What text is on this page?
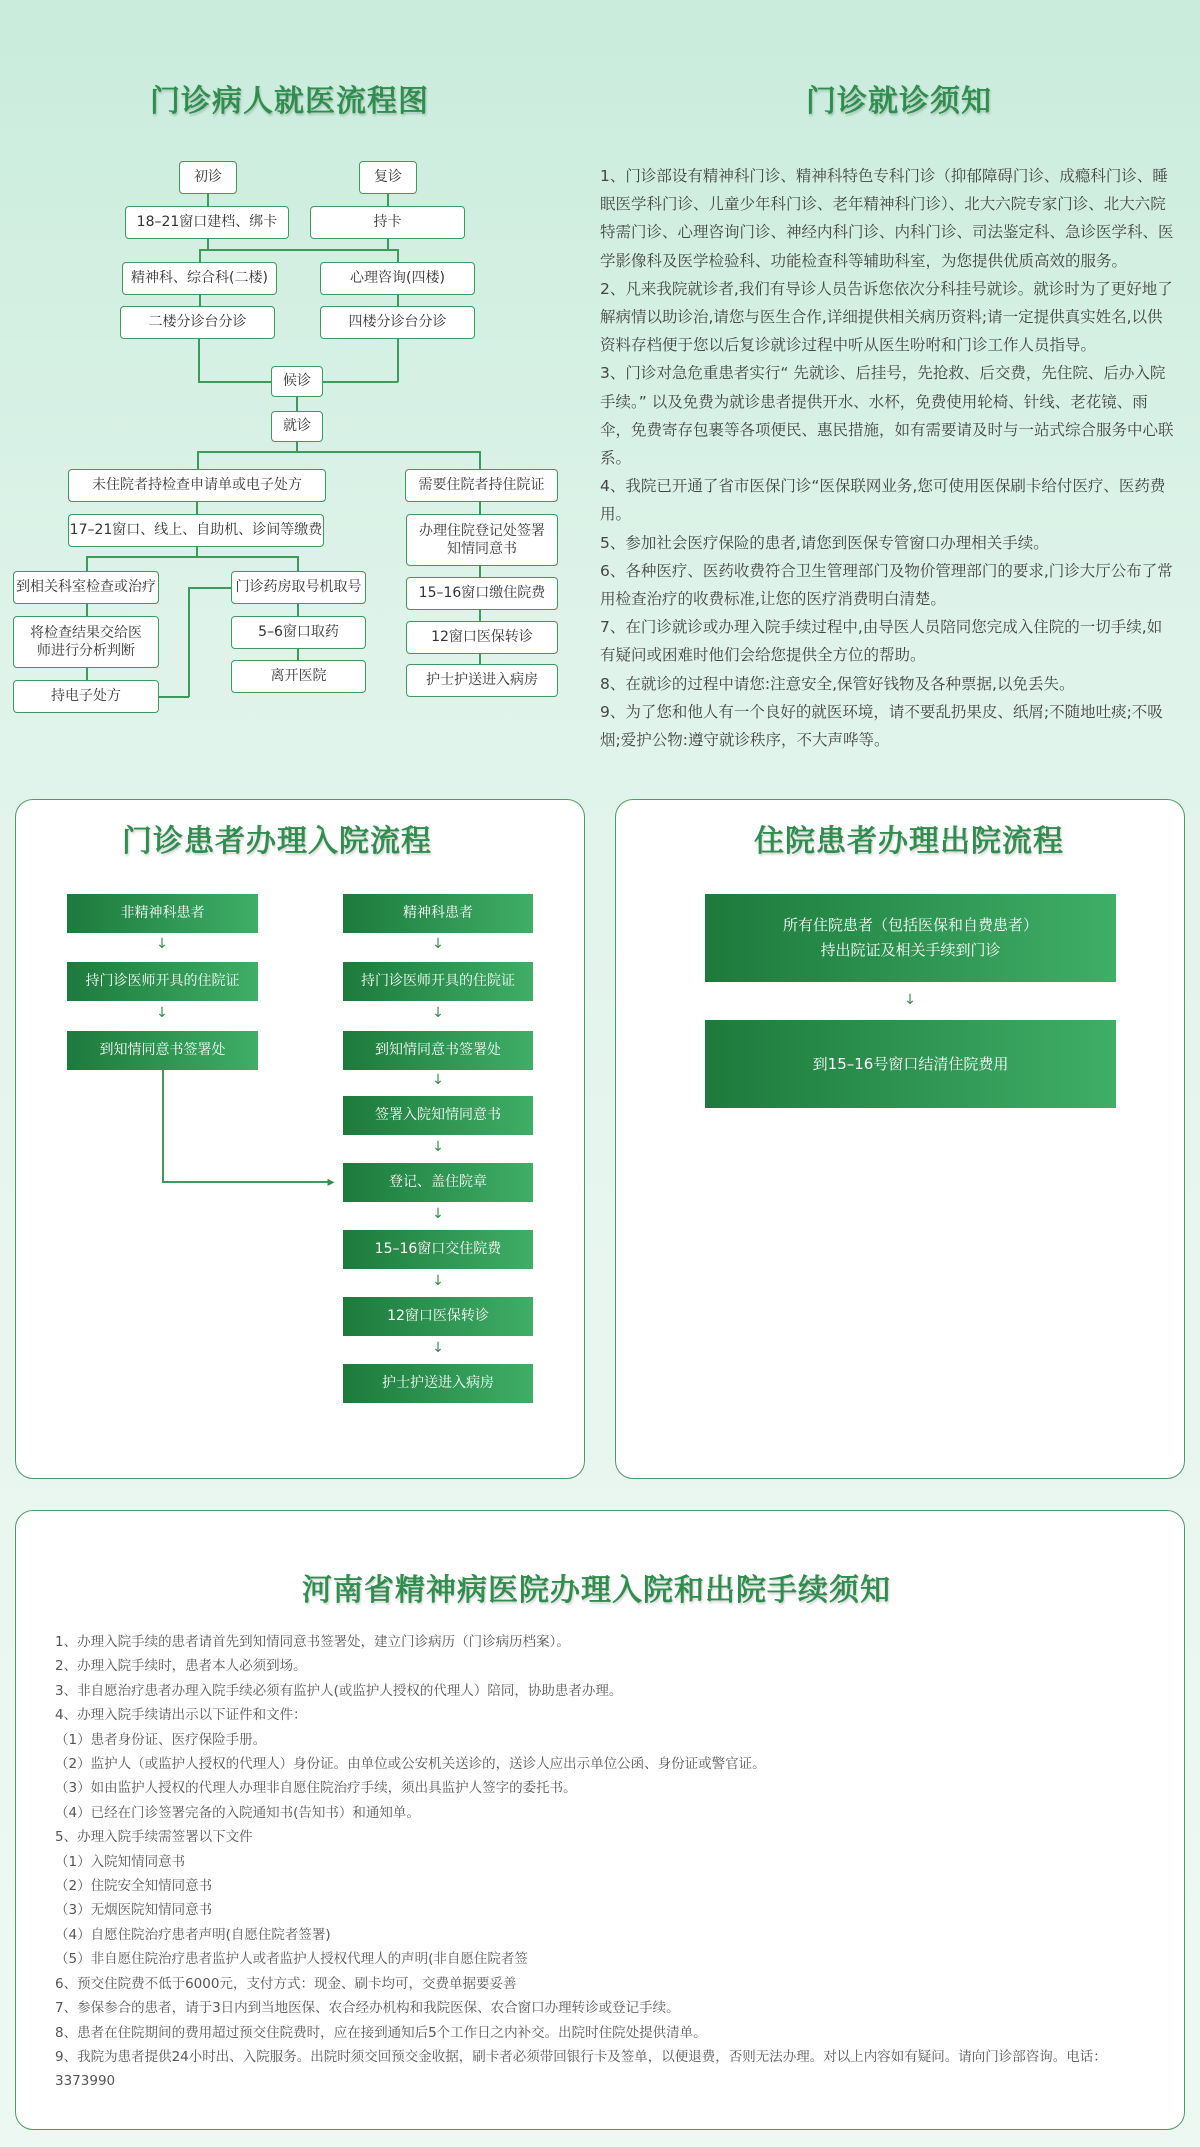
门诊病人就医流程图
初诊	复诊
18–21窗口建档、绑卡	持卡
精神科、综合科(二楼)	心理咨询(四楼)
二楼分诊台分诊	四楼分诊台分诊
候诊
就诊
未住院者持检查申请单或电子处方	需要住院者持住院证
17–21窗口、线上、自助机、诊间等缴费	办理住院登记处签署知情同意书
到相关科室检查或治疗	门诊药房取号机取号	15–16窗口缴住院费
将检查结果交给医师进行分析判断
5–6窗口取药	12窗口医保转诊
持电子处方
离开医院	护士护送进入病房
门诊就诊须知

1、门诊部设有精神科门诊、精神科特色专科门诊（抑郁障碍门诊、成瘾科门诊、睡眠医学科门诊、儿童少年科门诊、老年精神科门诊）、北大六院专家门诊、北大六院特需门诊、心理咨询门诊、神经内科门诊、内科门诊、司法鉴定科、急诊医学科、医学影像科及医学检验科、功能检查科等辅助科室，为您提供优质高效的服务。

2、凡来我院就诊者,我们有导诊人员告诉您依次分科挂号就诊。就诊时为了更好地了解病情以助诊治,请您与医生合作,详细提供相关病历资料;请一定提供真实姓名,以供资料存档便于您以后复诊就诊过程中听从医生吩咐和门诊工作人员指导。

3、门诊对急危重患者实行“ 先就诊、后挂号，先抢救、后交费，先住院、后办入院手续。” 以及免费为就诊患者提供开水、水杯，免费使用轮椅、针线、老花镜、雨伞，免费寄存包裹等各项便民、惠民措施，如有需要请及时与一站式综合服务中心联系。

4、我院已开通了省市医保门诊“医保联网业务,您可使用医保刷卡给付医疗、医药费用。

5、参加社会医疗保险的患者,请您到医保专管窗口办理相关手续。

6、各种医疗、医药收费符合卫生管理部门及物价管理部门的要求,门诊大厅公布了常用检查治疗的收费标准,让您的医疗消费明白清楚。

7、在门诊就诊或办理入院手续过程中,由导医人员陪同您完成入住院的一切手续,如有疑问或困难时他们会给您提供全方位的帮助。

8、在就诊的过程中请您:注意安全,保管好钱物及各种票据,以免丢失。

9、为了您和他人有一个良好的就医环境，请不要乱扔果皮、纸屑;不随地吐痰;不吸烟;爱护公物:遵守就诊秩序，不大声哗等。

门诊患者办理入院流程
非精神科患者
↓
持门诊医师开具的住院证
↓
到知情同意书签署处
▸
精神科患者
↓
持门诊医师开具的住院证
↓
到知情同意书签署处
↓
签署入院知情同意书
↓
登记、盖住院章
↓
15–16窗口交住院费
↓
12窗口医保转诊
↓
护士护送进入病房
住院患者办理出院流程
所有住院患者（包括医保和自费患者）
持出院证及相关手续到门诊
↓
到15–16号窗口结清住院费用
河南省精神病医院办理入院和出院手续须知

1、办理入院手续的患者请首先到知情同意书签署处，建立门诊病历（门诊病历档案）。

2、办理入院手续时，患者本人必须到场。

3、非自愿治疗患者办理入院手续必须有监护人(或监护人授权的代理人）陪同，协助患者办理。

4、办理入院手续请出示以下证件和文件：

（1）患者身份证、医疗保险手册。

（2）监护人（或监护人授权的代理人）身份证。由单位或公安机关送诊的，送诊人应出示单位公函、身份证或警官证。

（3）如由监护人授权的代理人办理非自愿住院治疗手续，须出具监护人签字的委托书。

（4）已经在门诊签署完备的入院通知书(告知书）和通知单。

5、办理入院手续需签署以下文件

（1）入院知情同意书

（2）住院安全知情同意书

（3）无烟医院知情同意书

（4）自愿住院治疗患者声明(自愿住院者签署)

（5）非自愿住院治疗患者监护人或者监护人授权代理人的声明(非自愿住院者签

6、预交住院费不低于6000元，支付方式：现金、刷卡均可，交费单据要妥善

7、参保参合的患者，请于3日内到当地医保、农合经办机构和我院医保、农合窗口办理转诊或登记手续。

8、患者在住院期间的费用超过预交住院费时，应在接到通知后5个工作日之内补交。出院时住院处提供清单。

9、我院为患者提供24小时出、入院服务。出院时须交回预交金收据，刷卡者必须带回银行卡及签单，以便退费，否则无法办理。对以上内容如有疑问。请向门诊部咨询。电话：3373990
